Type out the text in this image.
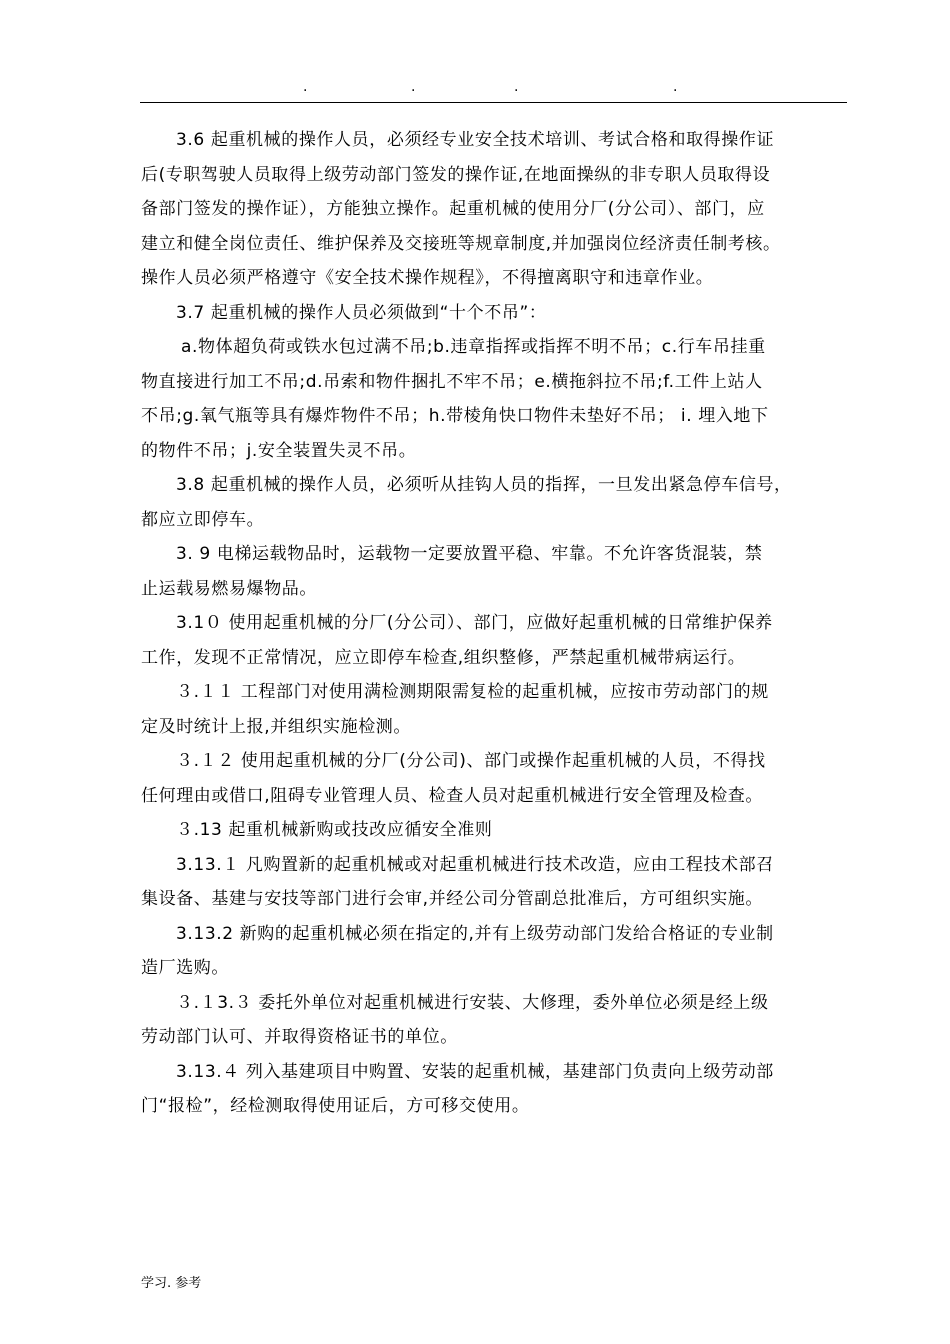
.	.	.	.

3.6 起重机械的操作人员，必须经专业安全技术培训、考试合格和取得操作证
后(专职驾驶人员取得上级劳动部门签发的操作证,在地面操纵的非专职人员取得设
备部门签发的操作证），方能独立操作。起重机械的使用分厂(分公司）、部门，应
建立和健全岗位责任、维护保养及交接班等规章制度,并加强岗位经济责任制考核。
操作人员必须严格遵守《安全技术操作规程》，不得擅离职守和违章作业。

3.7 起重机械的操作人员必须做到“十个不吊”：

a.物体超负荷或铁水包过满不吊;b.违章指挥或指挥不明不吊；c.行车吊挂重
物直接进行加工不吊;d.吊索和物件捆扎不牢不吊；e.横拖斜拉不吊;f.工件上站人
不吊;g.氧气瓶等具有爆炸物件不吊；h.带棱角快口物件未垫好不吊； i. 埋入地下
的物件不吊；j.安全装置失灵不吊。

3.8 起重机械的操作人员，必须听从挂钩人员的指挥，一旦发出紧急停车信号，
都应立即停车。

3. 9 电梯运载物品时，运载物一定要放置平稳、牢靠。不允许客货混装，禁
止运载易燃易爆物品。

3.1０ 使用起重机械的分厂(分公司）、部门，应做好起重机械的日常维护保养
工作，发现不正常情况，应立即停车检查,组织整修，严禁起重机械带病运行。

３.１１ 工程部门对使用满检测期限需复检的起重机械，应按市劳动部门的规
定及时统计上报,并组织实施检测。

３.１２ 使用起重机械的分厂(分公司)、部门或操作起重机械的人员，不得找
任何理由或借口,阻碍专业管理人员、检查人员对起重机械进行安全管理及检查。

３.13 起重机械新购或技改应循安全准则

3.13.１ 凡购置新的起重机械或对起重机械进行技术改造，应由工程技术部召
集设备、基建与安技等部门进行会审,并经公司分管副总批准后，方可组织实施。

3.13.2 新购的起重机械必须在指定的,并有上级劳动部门发给合格证的专业制
造厂选购。

３.１3.３ 委托外单位对起重机械进行安装、大修理，委外单位必须是经上级
劳动部门认可、并取得资格证书的单位。

3.13.４ 列入基建项目中购置、安装的起重机械，基建部门负责向上级劳动部
门“报检”，经检测取得使用证后，方可移交使用。

学习. 参考
